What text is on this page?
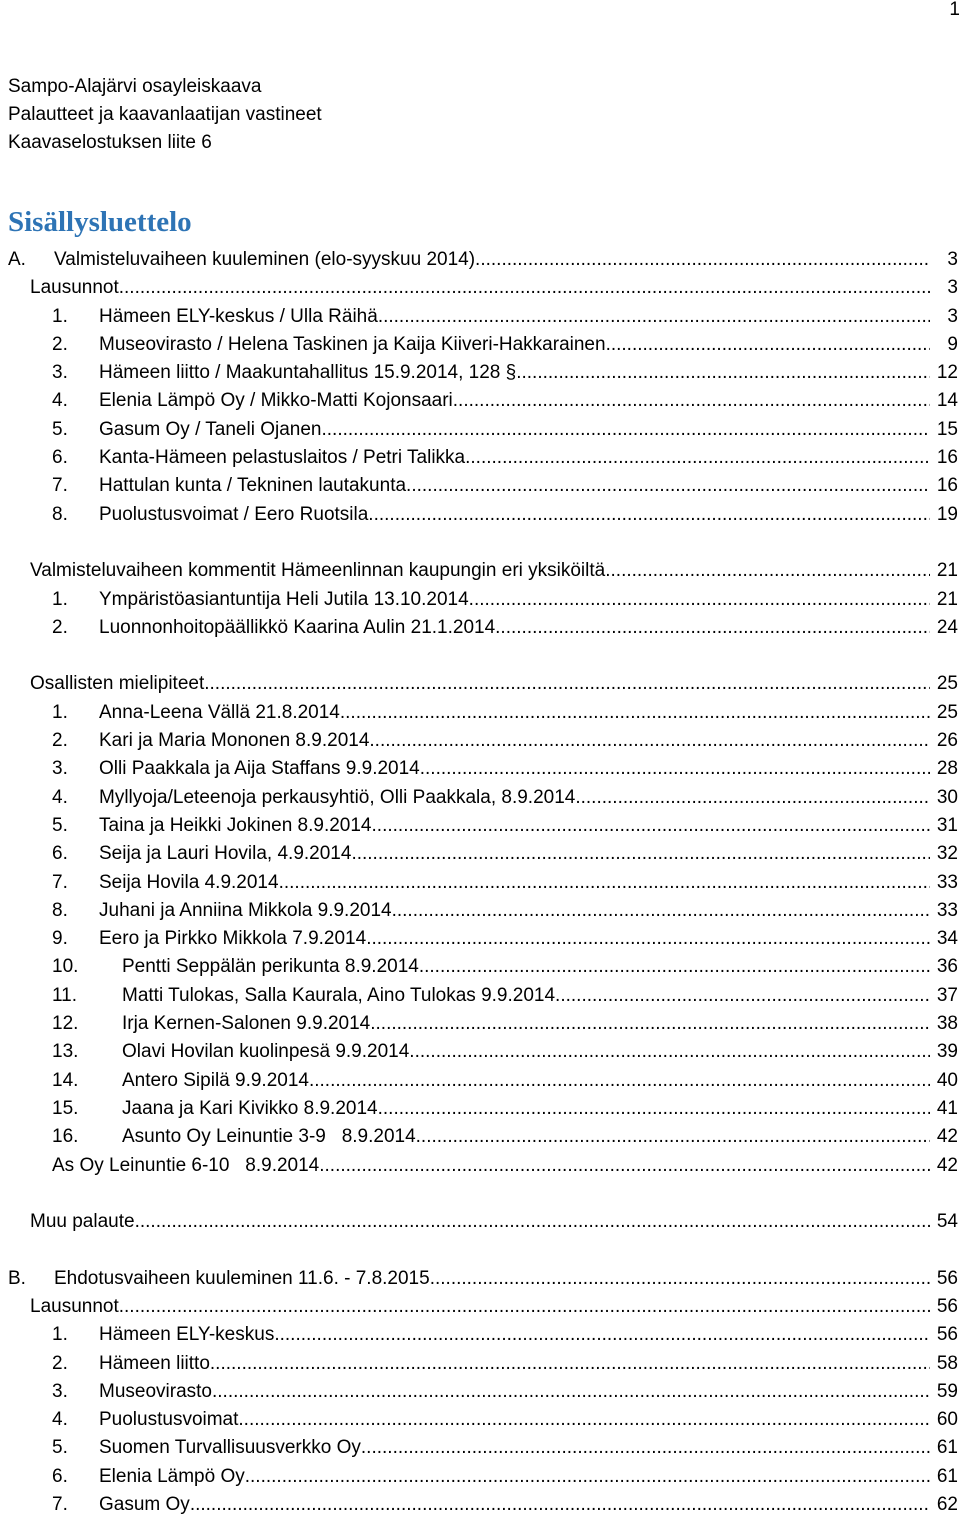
1
Sampo-Alajärvi osayleiskaava
Palautteet ja kaavanlaatijan vastineet
Kaavaselostuksen liite 6
Sisällysluettelo
A. Valmisteluvaiheen kuuleminen (elo-syyskuu 2014) .....	3
Lausunnot .....	3
1. Hämeen ELY-keskus / Ulla Räihä .....	3
2. Museovirasto / Helena Taskinen ja Kaija Kiiveri-Hakkarainen .....	9
3. Hämeen liitto / Maakuntahallitus 15.9.2014, 128 § .....	12
4. Elenia Lämpö Oy / Mikko-Matti Kojonsaari .....	14
5. Gasum Oy / Taneli Ojanen .....	15
6. Kanta-Hämeen pelastuslaitos / Petri Talikka .....	16
7. Hattulan kunta / Tekninen lautakunta .....	16
8. Puolustusvoimat / Eero Ruotsila .....	19
Valmisteluvaiheen kommentit Hämeenlinnan kaupungin eri yksiköiltä .....	21
1. Ympäristöasiantuntija Heli Jutila 13.10.2014 .....	21
2. Luonnonhoitopäällikkö Kaarina Aulin 21.1.2014 .....	24
Osallisten mielipiteet .....	25
1. Anna-Leena Vällä 21.8.2014 .....	25
2. Kari ja Maria Mononen 8.9.2014 .....	26
3. Olli Paakkala ja Aija Staffans 9.9.2014 .....	28
4. Myllyoja/Leteenoja perkausyhtiö, Olli Paakkala, 8.9.2014 .....	30
5. Taina ja Heikki Jokinen 8.9.2014 .....	31
6. Seija ja Lauri Hovila, 4.9.2014 .....	32
7. Seija Hovila 4.9.2014 .....	33
8. Juhani ja Anniina Mikkola 9.9.2014 .....	33
9. Eero ja Pirkko Mikkola 7.9.2014 .....	34
10. Pentti Seppälän perikunta 8.9.2014 .....	36
11. Matti Tulokas, Salla Kaurala, Aino Tulokas 9.9.2014 .....	37
12. Irja Kernen-Salonen 9.9.2014 .....	38
13. Olavi Hovilan kuolinpesä 9.9.2014 .....	39
14. Antero Sipilä 9.9.2014 .....	40
15. Jaana ja Kari Kivikko 8.9.2014 .....	41
16. Asunto Oy Leinuntie 3-9   8.9.2014 .....	42
As Oy Leinuntie 6-10   8.9.2014 .....	42
Muu palaute .....	54
B. Ehdotusvaiheen kuuleminen 11.6. - 7.8.2015 .....	56
Lausunnot .....	56
1. Hämeen ELY-keskus .....	56
2. Hämeen liitto .....	58
3. Museovirasto .....	59
4. Puolustusvoimat .....	60
5. Suomen Turvallisuusverkko Oy .....	61
6. Elenia Lämpö Oy .....	61
7. Gasum Oy .....	62
